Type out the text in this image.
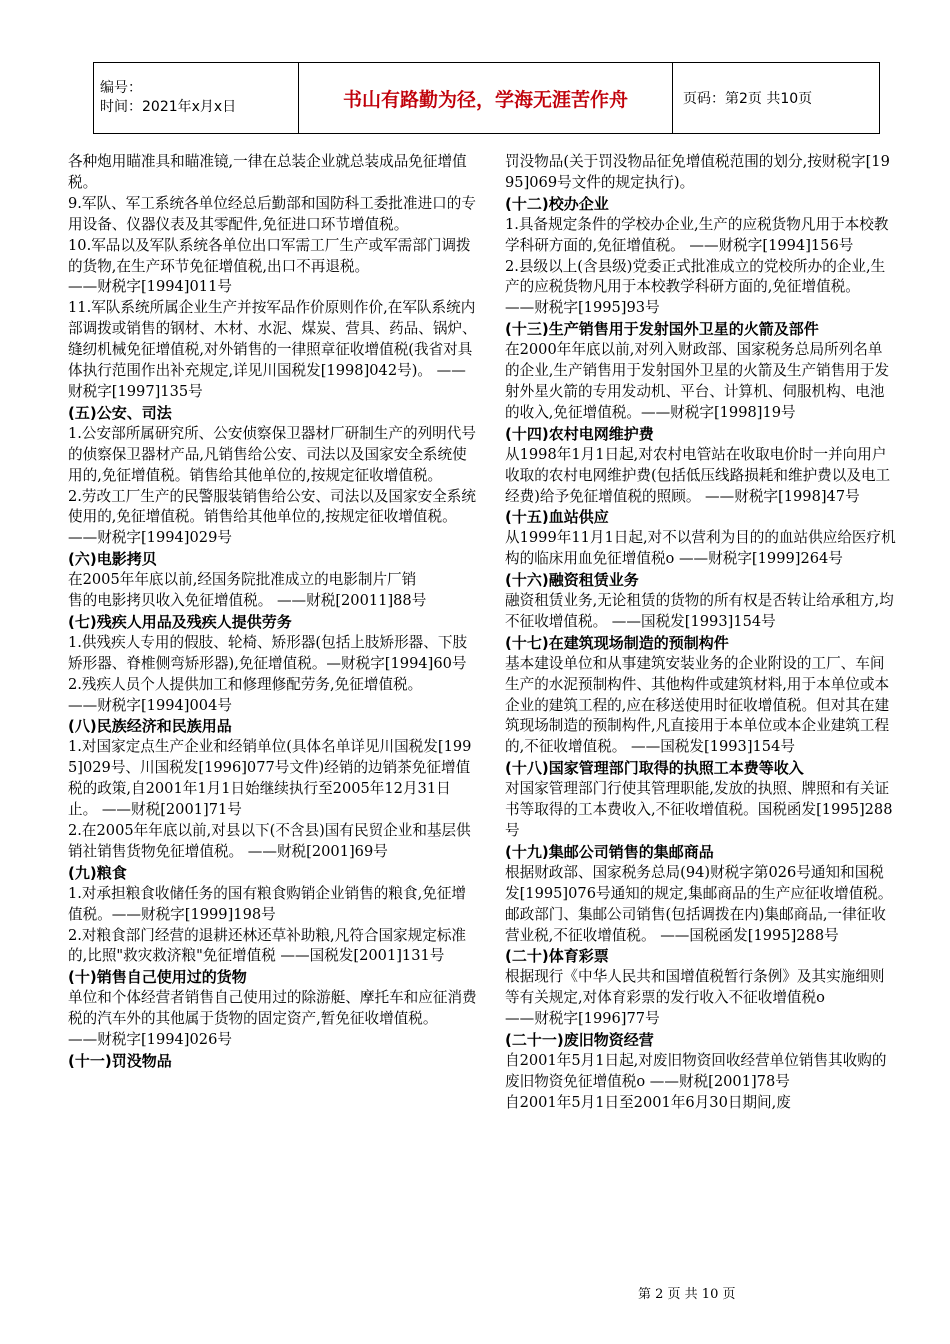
编号：
时间：2021年x月x日	书山有路勤为径，学海无涯苦作舟	页码：第2页 共10页

各种炮用瞄准具和瞄准镜,一律在总装企业就总装成品免征增值税。

9.军队、军工系统各单位经总后勤部和国防科工委批准进口的专用设备、仪器仪表及其零配件,免征进口环节增值税。

10.军品以及军队系统各单位出口军需工厂生产或军需部门调拨的货物,在生产环节免征增值税,出口不再退税。

——财税字[1994]011号

11.军队系统所属企业生产并按军品作价原则作价,在军队系统内部调拨或销售的钢材、木材、水泥、煤炭、营具、药品、锅炉、缝纫机械免征增值税,对外销售的一律照章征收增值税(我省对具体执行范围作出补充规定,详见川国税发[1998]042号)。 ——财税字[1997]135号

(五)公安、司法

1.公安部所属研究所、公安侦察保卫器材厂研制生产的列明代号的侦察保卫器材产品,凡销售给公安、司法以及国家安全系统使用的,免征增值税。销售给其他单位的,按规定征收增值税。

2.劳改工厂生产的民警服装销售给公安、司法以及国家安全系统使用的,免征增值税。销售给其他单位的,按规定征收增值税。——财税字[1994]029号

(六)电影拷贝

在2005年年底以前,经国务院批准成立的电影制片厂销

售的电影拷贝收入免征增值税。 ——财税[20011]88号

(七)残疾人用品及残疾人提供劳务

1.供残疾人专用的假肢、轮椅、矫形器(包括上肢矫形器、下肢矫形器、脊椎侧弯矫形器),免征增值税。—财税字[1994]60号

2.残疾人员个人提供加工和修理修配劳务,免征增值税。

——财税字[1994]004号

(八)民族经济和民族用品

1.对国家定点生产企业和经销单位(具体名单详见川国税发[1995]029号、川国税发[1996]077号文件)经销的边销茶免征增值税的政策,自2001年1月1日始继续执行至2005年12月31日止。 ——财税[2001]71号

2.在2005年年底以前,对县以下(不含县)国有民贸企业和基层供销社销售货物免征增值税。 ——财税[2001]69号

(九)粮食

1.对承担粮食收储任务的国有粮食购销企业销售的粮食,免征增值税。——财税字[1999]198号

2.对粮食部门经营的退耕还林还草补助粮,凡符合国家规定标准的,比照"救灾救济粮"免征增值税 ——国税发[2001]131号

(十)销售自己使用过的货物

单位和个体经营者销售自己使用过的除游艇、摩托车和应征消费税的汽车外的其他属于货物的固定资产,暂免征收增值税。

——财税字[1994]026号

(十一)罚没物品

罚没物品(关于罚没物品征免增值税范围的划分,按财税字[1995]069号文件的规定执行)。

(十二)校办企业

1.具备规定条件的学校办企业,生产的应税货物凡用于本校教学科研方面的,免征增值税。 ——财税字[1994]156号

2.县级以上(含县级)党委正式批准成立的党校所办的企业,生产的应税货物凡用于本校教学科研方面的,免征增值税。

——财税字[1995]93号

(十三)生产销售用于发射国外卫星的火箭及部件

在2000年年底以前,对列入财政部、国家税务总局所列名单的企业,生产销售用于发射国外卫星的火箭及生产销售用于发射外星火箭的专用发动机、平台、计算机、伺服机构、电池的收入,免征增值税。——财税字[1998]19号

(十四)农村电网维护费

从1998年1月1日起,对农村电管站在收取电价时一并向用户收取的农村电网维护费(包括低压线路损耗和维护费以及电工经费)给予免征增值税的照顾。 ——财税字[1998]47号

(十五)血站供应

从1999年11月1日起,对不以营利为目的的血站供应给医疗机构的临床用血免征增值税o ——财税字[1999]264号

(十六)融资租赁业务

融资租赁业务,无论租赁的货物的所有权是否转让给承租方,均不征收增值税。 ——国税发[1993]154号

(十七)在建筑现场制造的预制构件

基本建设单位和从事建筑安装业务的企业附设的工厂、车间生产的水泥预制构件、其他构件或建筑材料,用于本单位或本企业的建筑工程的,应在移送使用时征收增值税。但对其在建筑现场制造的预制构件,凡直接用于本单位或本企业建筑工程的,不征收增值税。 ——国税发[1993]154号

(十八)国家管理部门取得的执照工本费等收入

对国家管理部门行使其管理职能,发放的执照、牌照和有关证书等取得的工本费收入,不征收增值税。国税函发[1995]288号

(十九)集邮公司销售的集邮商品

根据财政部、国家税务总局(94)财税字第026号通知和国税发[1995]076号通知的规定,集邮商品的生产应征收增值税。邮政部门、集邮公司销售(包括调拨在内)集邮商品,一律征收营业税,不征收增值税。 ——国税函发[1995]288号

(二十)体育彩票

根据现行《中华人民共和国增值税暂行条例》及其实施细则等有关规定,对体育彩票的发行收入不征收增值税o

——财税字[1996]77号

(二十一)废旧物资经营

自2001年5月1日起,对废旧物资回收经营单位销售其收购的废旧物资免征增值税o ——财税[2001]78号

自2001年5月1日至2001年6月30日期间,废

第 2 页 共 10 页
